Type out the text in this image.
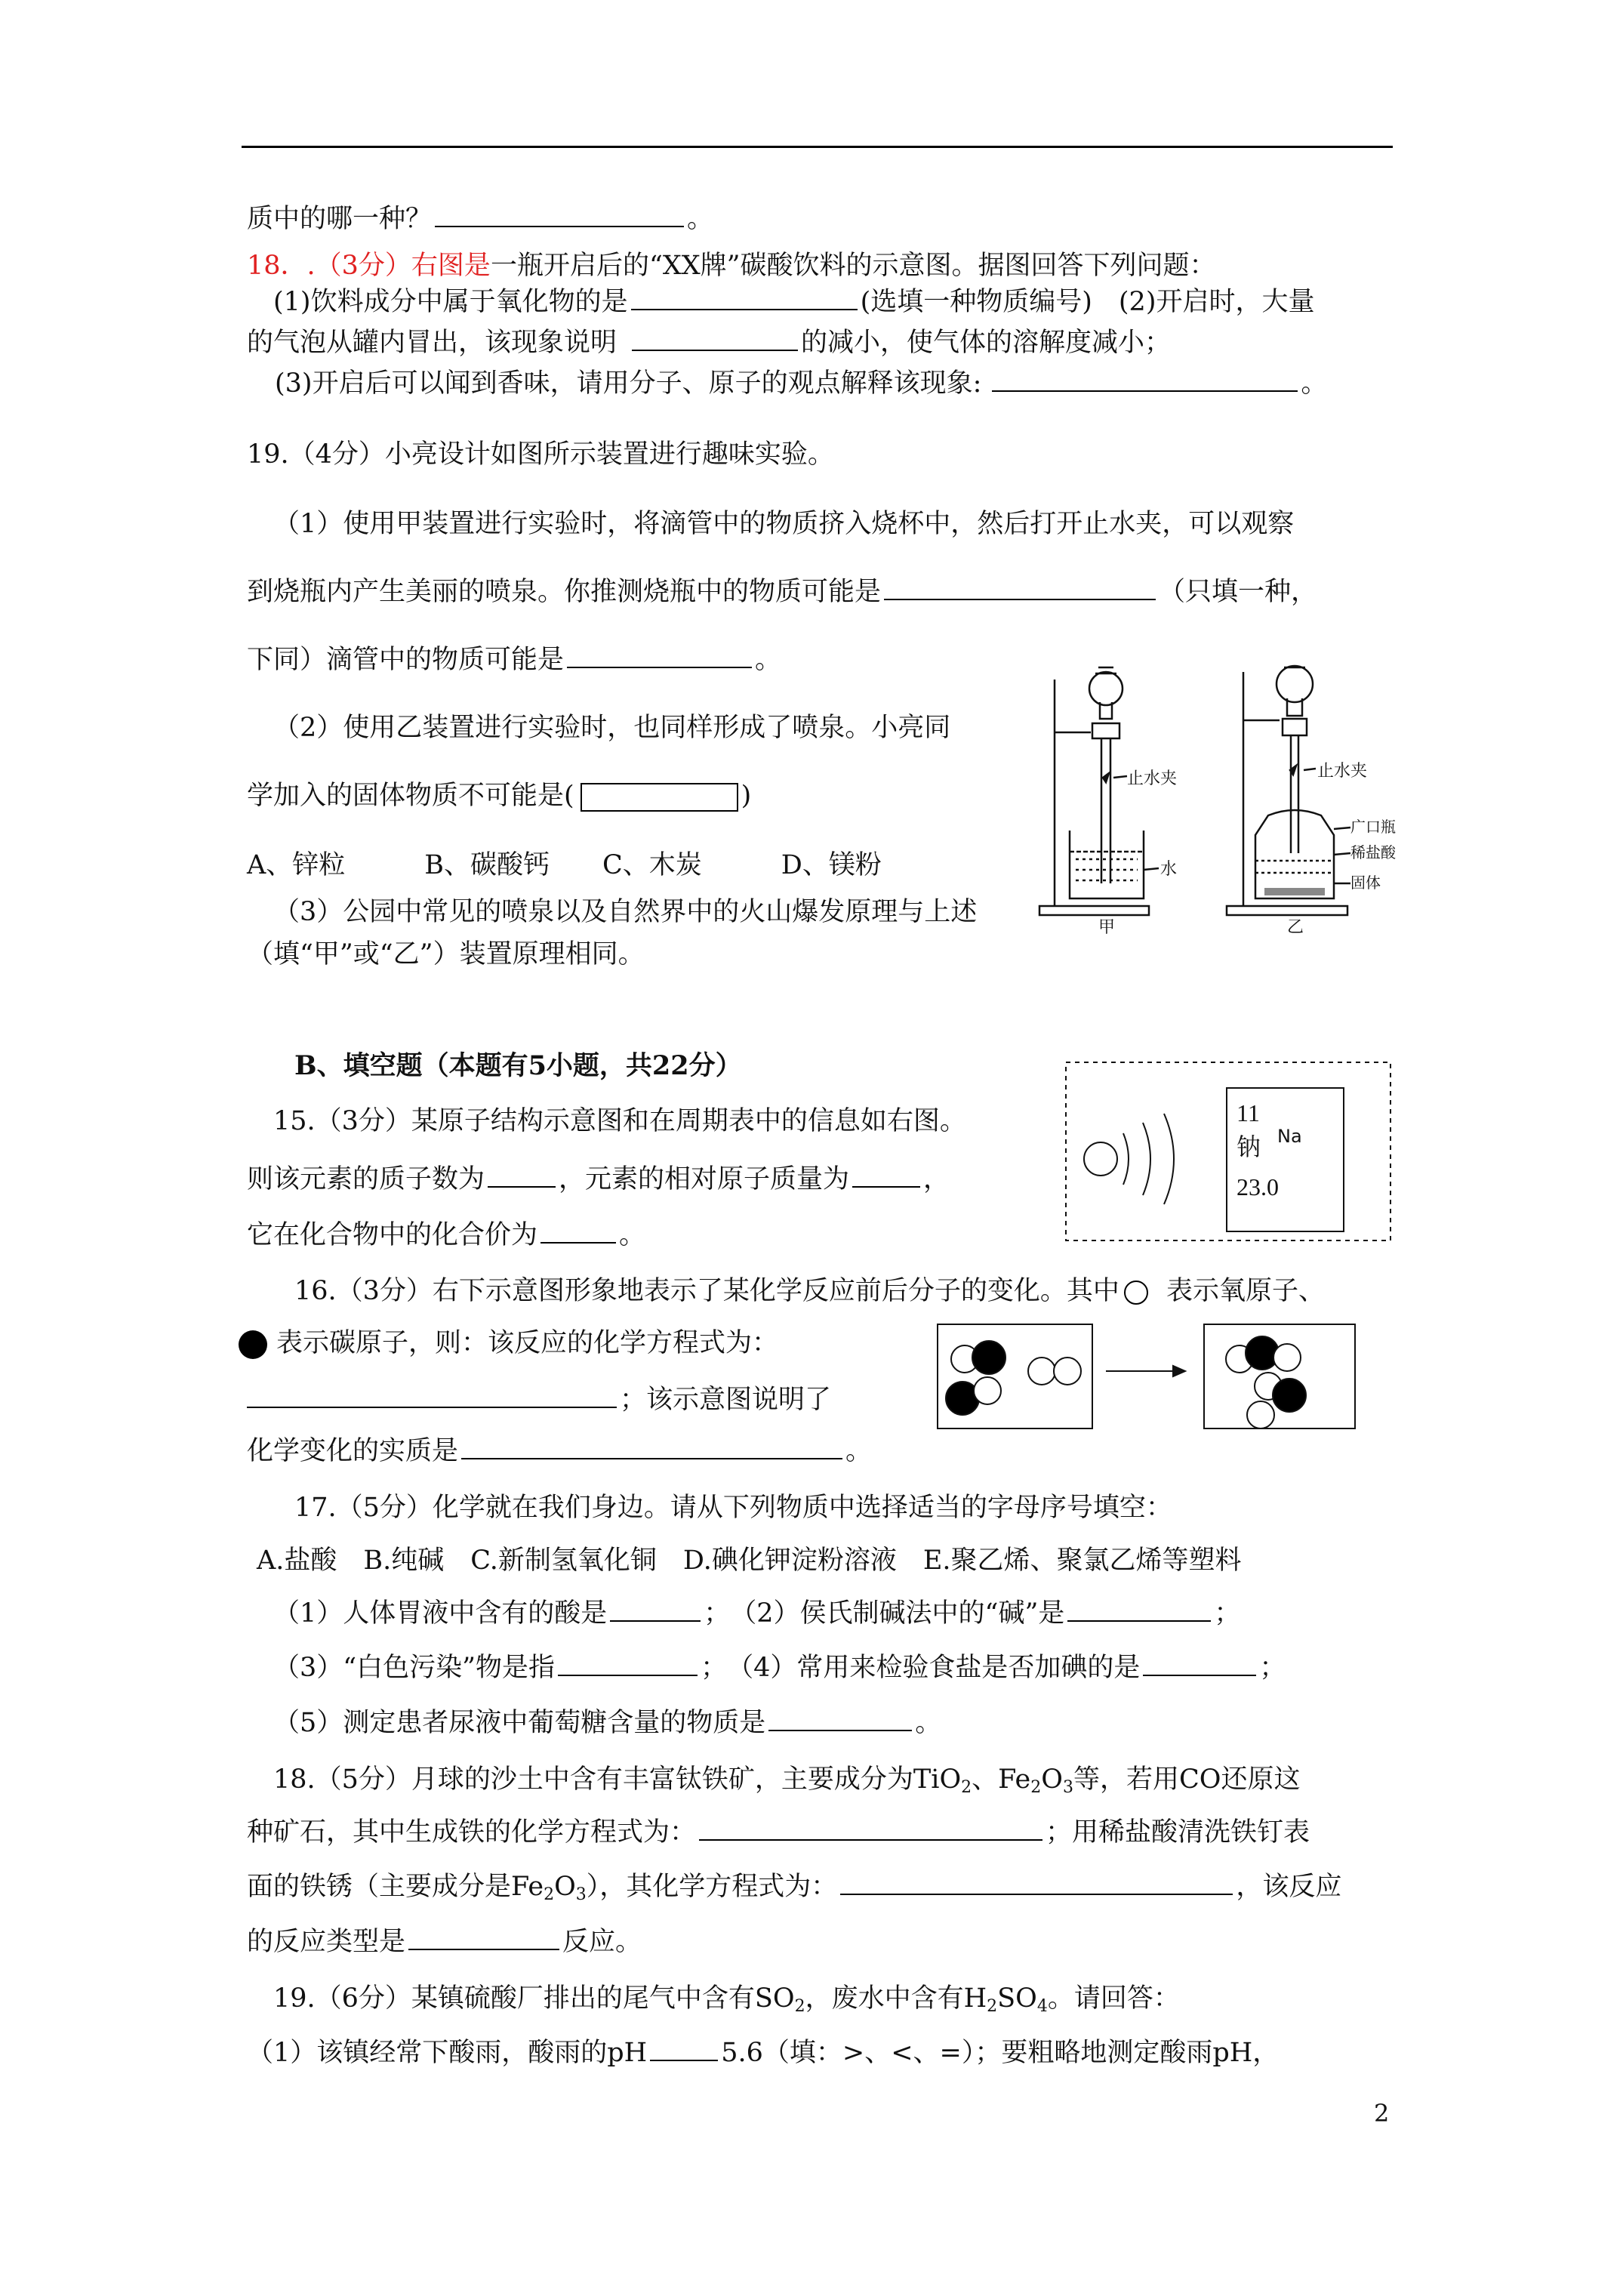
质中的哪一种？	。
18．.（3分）右图是一瓶开启后的“XX牌”碳酸饮料的示意图。据图回答下列问题：
(1)饮料成分中属于氧化物的是	(选填一种物质编号)　(2)开启时，大量
的气泡从罐内冒出，该现象说明	的减小，使气体的溶解度减小；
(3)开启后可以闻到香味，请用分子、原子的观点解释该现象:	。
19.（4分）小亮设计如图所示装置进行趣味实验。
（1）使用甲装置进行实验时，将滴管中的物质挤入烧杯中，然后打开止水夹，可以观察
到烧瓶内产生美丽的喷泉。你推测烧瓶中的物质可能是	（只填一种，
下同）滴管中的物质可能是	。
（2）使用乙装置进行实验时，也同样形成了喷泉。小亮同
学加入的固体物质不可能是(	)
A、锌粒　　　B、碳酸钙　　C、木炭　　　D、镁粉
（3）公园中常见的喷泉以及自然界中的火山爆发原理与上述
（填“甲”或“乙”）装置原理相同。
止水夹
水
止水夹
广口瓶
稀盐酸
固体
甲	乙
B、填空题（本题有5小题，共22分）
15.（3分）某原子结构示意图和在周期表中的信息如右图。
则该元素的质子数为	，元素的相对原子质量为	，
它在化合物中的化合价为	。
11
钠 Na
23.0
16.（3分）右下示意图形象地表示了某化学反应前后分子的变化。其中 表示氧原子、
表示碳原子，则：该反应的化学方程式为：
；该示意图说明了
化学变化的实质是	。
17.（5分）化学就在我们身边。请从下列物质中选择适当的字母序号填空：
A.盐酸　B.纯碱　C.新制氢氧化铜　D.碘化钾淀粉溶液　E.聚乙烯、聚氯乙烯等塑料
（1）人体胃液中含有的酸是	；　（2）侯氏制碱法中的“碱”是	；
（3）“白色污染”物是指	；　（4）常用来检验食盐是否加碘的是	；
（5）测定患者尿液中葡萄糖含量的物质是	。
18.（5分）月球的沙土中含有丰富钛铁矿，主要成分为TiO$_2$、$Fe_2O_3$等，若用CO还原这
种矿石，其中生成铁的化学方程式为：	；用稀盐酸清洗铁钉表
面的铁锈（主要成分是$Fe_2O_3$），其化学方程式为：	，该反应
的反应类型是	反应。
19.（6分）某镇硫酸厂排出的尾气中含有$SO_2$，废水中含有$H_2SO_4$。请回答：
（1）该镇经常下酸雨，酸雨的pH	5.6（填：>、<、=）；要粗略地测定酸雨pH，
2
